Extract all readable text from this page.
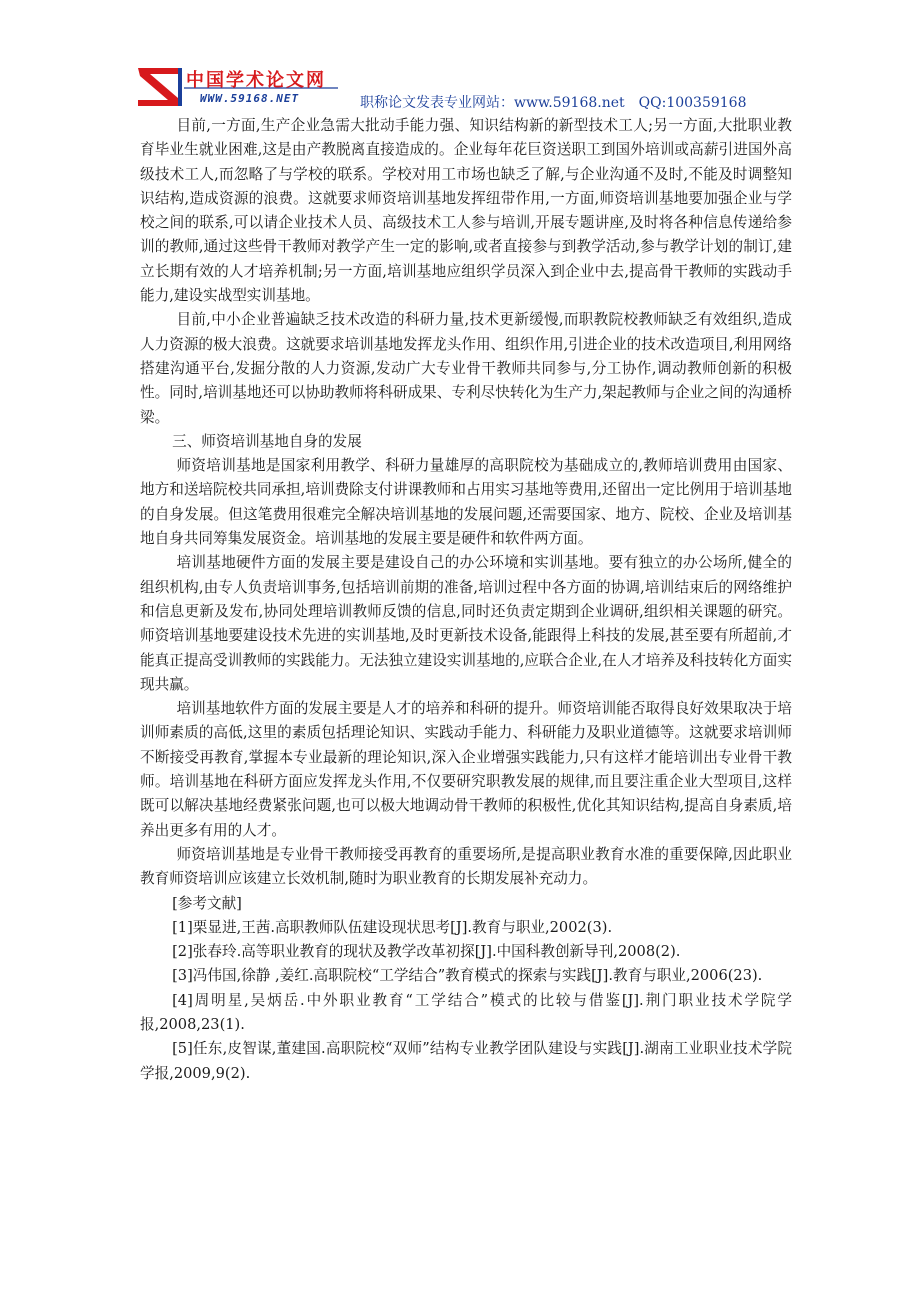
中国学术论文网
WWW.59168.NET	职称论文发表专业网站：www.59168.net QQ:100359168

目前,一方面,生产企业急需大批动手能力强、知识结构新的新型技术工人;另一方面,大批职业教育毕业生就业困难,这是由产教脱离直接造成的。企业每年花巨资送职工到国外培训或高薪引进国外高级技术工人,而忽略了与学校的联系。学校对用工市场也缺乏了解,与企业沟通不及时,不能及时调整知识结构,造成资源的浪费。这就要求师资培训基地发挥纽带作用,一方面,师资培训基地要加强企业与学校之间的联系,可以请企业技术人员、高级技术工人参与培训,开展专题讲座,及时将各种信息传递给参训的教师,通过这些骨干教师对教学产生一定的影响,或者直接参与到教学活动,参与教学计划的制订,建立长期有效的人才培养机制;另一方面,培训基地应组织学员深入到企业中去,提高骨干教师的实践动手能力,建设实战型实训基地。

目前,中小企业普遍缺乏技术改造的科研力量,技术更新缓慢,而职教院校教师缺乏有效组织,造成人力资源的极大浪费。这就要求培训基地发挥龙头作用、组织作用,引进企业的技术改造项目,利用网络搭建沟通平台,发掘分散的人力资源,发动广大专业骨干教师共同参与,分工协作,调动教师创新的积极性。同时,培训基地还可以协助教师将科研成果、专利尽快转化为生产力,架起教师与企业之间的沟通桥梁。

三、师资培训基地自身的发展

师资培训基地是国家利用教学、科研力量雄厚的高职院校为基础成立的,教师培训费用由国家、地方和送培院校共同承担,培训费除支付讲课教师和占用实习基地等费用,还留出一定比例用于培训基地的自身发展。但这笔费用很难完全解决培训基地的发展问题,还需要国家、地方、院校、企业及培训基地自身共同筹集发展资金。培训基地的发展主要是硬件和软件两方面。

培训基地硬件方面的发展主要是建设自己的办公环境和实训基地。要有独立的办公场所,健全的组织机构,由专人负责培训事务,包括培训前期的准备,培训过程中各方面的协调,培训结束后的网络维护和信息更新及发布,协同处理培训教师反馈的信息,同时还负责定期到企业调研,组织相关课题的研究。师资培训基地要建设技术先进的实训基地,及时更新技术设备,能跟得上科技的发展,甚至要有所超前,才能真正提高受训教师的实践能力。无法独立建设实训基地的,应联合企业,在人才培养及科技转化方面实现共赢。

培训基地软件方面的发展主要是人才的培养和科研的提升。师资培训能否取得良好效果取决于培训师素质的高低,这里的素质包括理论知识、实践动手能力、科研能力及职业道德等。这就要求培训师不断接受再教育,掌握本专业最新的理论知识,深入企业增强实践能力,只有这样才能培训出专业骨干教师。培训基地在科研方面应发挥龙头作用,不仅要研究职教发展的规律,而且要注重企业大型项目,这样既可以解决基地经费紧张问题,也可以极大地调动骨干教师的积极性,优化其知识结构,提高自身素质,培养出更多有用的人才。

师资培训基地是专业骨干教师接受再教育的重要场所,是提高职业教育水准的重要保障,因此职业教育师资培训应该建立长效机制,随时为职业教育的长期发展补充动力。

[参考文献]

[1]栗显进,王茜.高职教师队伍建设现状思考[J].教育与职业,2002(3).

[2]张春玲.高等职业教育的现状及教学改革初探[J].中国科教创新导刊,2008(2).

[3]冯伟国,徐静 ,姜红.高职院校“工学结合”教育模式的探索与实践[J].教育与职业,2006(23).

[4]周明星,吴炳岳.中外职业教育“工学结合”模式的比较与借鉴[J].荆门职业技术学院学报,2008,23(1).

[5]任东,皮智谋,董建国.高职院校“双师”结构专业教学团队建设与实践[J].湖南工业职业技术学院学报,2009,9(2).
